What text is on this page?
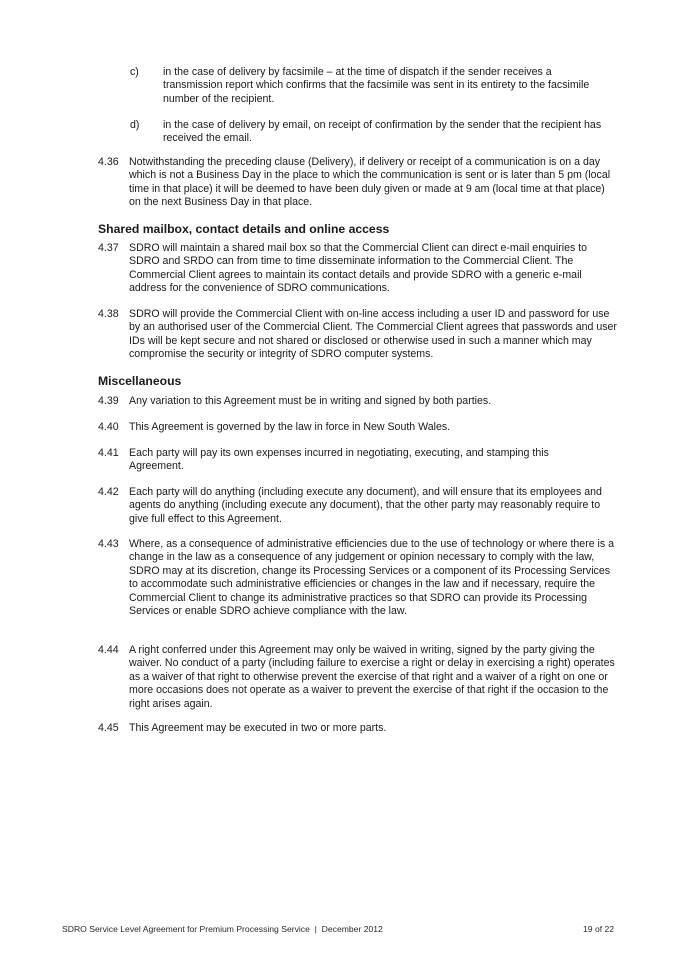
c)	in the case of delivery by facsimile – at the time of dispatch if the sender receives a transmission report which confirms that the facsimile was sent in its entirety to the facsimile number of the recipient.
d)	in the case of delivery by email, on receipt of confirmation by the sender that the recipient has received the email.
4.36 Notwithstanding the preceding clause (Delivery), if delivery or receipt of a communication is on a day which is not a Business Day in the place to which the communication is sent or is later than 5 pm (local time in that place) it will be deemed to have been duly given or made at 9 am (local time at that place) on the next Business Day in that place.
Shared mailbox, contact details and online access
4.37 SDRO will maintain a shared mail box so that the Commercial Client can direct e-mail enquiries to SDRO and SRDO can from time to time disseminate information to the Commercial Client. The Commercial Client agrees to maintain its contact details and provide SDRO with a generic e-mail address for the convenience of SDRO communications.
4.38 SDRO will provide the Commercial Client with on-line access including a user ID and password for use by an authorised user of the Commercial Client. The Commercial Client agrees that passwords and user IDs will be kept secure and not shared or disclosed or otherwise used in such a manner which may compromise the security or integrity of SDRO computer systems.
Miscellaneous
4.39 Any variation to this Agreement must be in writing and signed by both parties.
4.40 This Agreement is governed by the law in force in New South Wales.
4.41 Each party will pay its own expenses incurred in negotiating, executing, and stamping this Agreement.
4.42 Each party will do anything (including execute any document), and will ensure that its employees and agents do anything (including execute any document), that the other party may reasonably require to give full effect to this Agreement.
4.43 Where, as a consequence of administrative efficiencies due to the use of technology or where there is a change in the law as a consequence of any judgement or opinion necessary to comply with the law, SDRO may at its discretion, change its Processing Services or a component of its Processing Services to accommodate such administrative efficiencies or changes in the law and if necessary, require the Commercial Client to change its administrative practices so that SDRO can provide its Processing Services or enable SDRO achieve compliance with the law.
4.44 A right conferred under this Agreement may only be waived in writing, signed by the party giving the waiver. No conduct of a party (including failure to exercise a right or delay in exercising a right) operates as a waiver of that right to otherwise prevent the exercise of that right and a waiver of a right on one or more occasions does not operate as a waiver to prevent the exercise of that right if the occasion to the right arises again.
4.45 This Agreement may be executed in two or more parts.
SDRO Service Level Agreement for Premium Processing Service  |  December 2012	19 of 22
